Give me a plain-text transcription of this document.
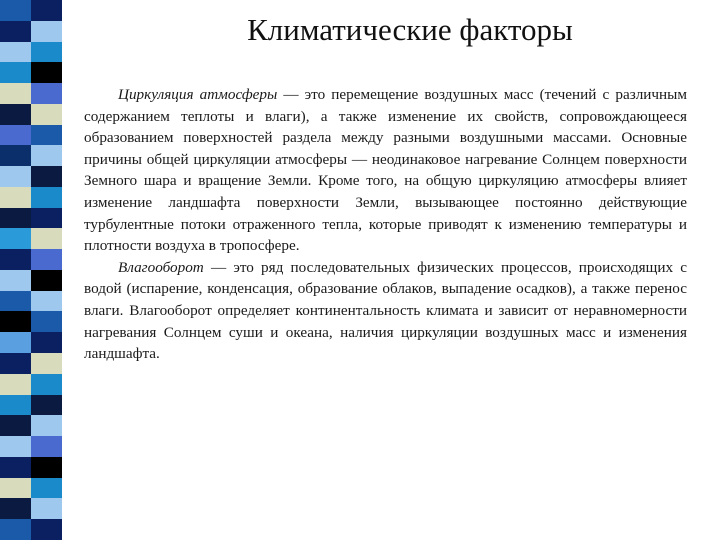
Климатические факторы

Циркуляция атмосферы — это перемещение воздушных масс (течений с различным содержанием теплоты и влаги), а также изменение их свойств, сопровождающееся образованием поверхностей раздела между разными воздушными массами. Основные причины общей циркуляции атмосферы — неодинаковое нагревание Солнцем поверхности Земного шара и вращение Земли. Кроме того, на общую циркуляцию атмосферы влияет изменение ландшафта поверхности Земли, вызывающее постоянно действующие турбулентные потоки отраженного тепла, которые приводят к изменению температуры и плотности воздуха в тропосфере.

Влагооборот — это ряд последовательных физических процессов, происходящих с водой (испарение, конденсация, образование облаков, выпадение осадков), а также перенос влаги. Влагооборот определяет континентальность климата и зависит от неравномерности нагревания Солнцем суши и океана, наличия циркуляции воздушных масс и изменения ландшафта.
